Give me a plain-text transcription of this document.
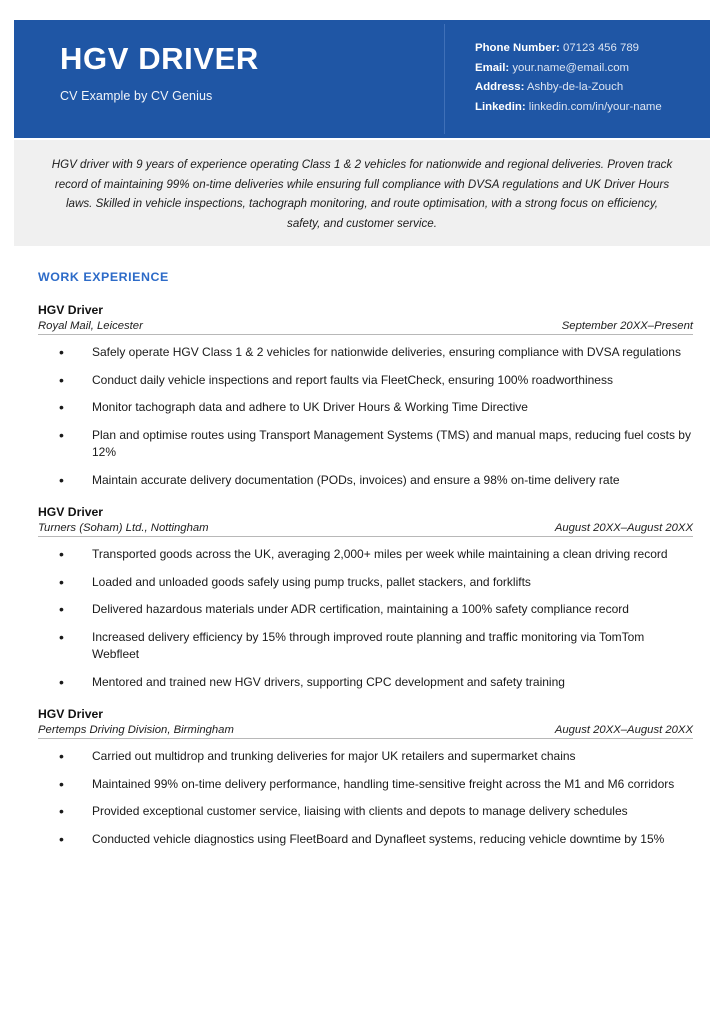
HGV DRIVER
CV Example by CV Genius
Phone Number: 07123 456 789
Email: your.name@email.com
Address: Ashby-de-la-Zouch
Linkedin: linkedin.com/in/your-name

HGV driver with 9 years of experience operating Class 1 & 2 vehicles for nationwide and regional deliveries. Proven track record of maintaining 99% on-time deliveries while ensuring full compliance with DVSA regulations and UK Driver Hours laws. Skilled in vehicle inspections, tachograph monitoring, and route optimisation, with a strong focus on efficiency, safety, and customer service.

WORK EXPERIENCE
HGV Driver
Royal Mail, Leicester	September 20XX–Present
• Safely operate HGV Class 1 & 2 vehicles for nationwide deliveries, ensuring compliance with DVSA regulations
• Conduct daily vehicle inspections and report faults via FleetCheck, ensuring 100% roadworthiness
• Monitor tachograph data and adhere to UK Driver Hours & Working Time Directive
• Plan and optimise routes using Transport Management Systems (TMS) and manual maps, reducing fuel costs by 12%
• Maintain accurate delivery documentation (PODs, invoices) and ensure a 98% on-time delivery rate
HGV Driver
Turners (Soham) Ltd., Nottingham	August 20XX–August 20XX
• Transported goods across the UK, averaging 2,000+ miles per week while maintaining a clean driving record
• Loaded and unloaded goods safely using pump trucks, pallet stackers, and forklifts
• Delivered hazardous materials under ADR certification, maintaining a 100% safety compliance record
• Increased delivery efficiency by 15% through improved route planning and traffic monitoring via TomTom Webfleet
• Mentored and trained new HGV drivers, supporting CPC development and safety training
HGV Driver
Pertemps Driving Division, Birmingham	August 20XX–August 20XX
• Carried out multidrop and trunking deliveries for major UK retailers and supermarket chains
• Maintained 99% on-time delivery performance, handling time-sensitive freight across the M1 and M6 corridors
• Provided exceptional customer service, liaising with clients and depots to manage delivery schedules
• Conducted vehicle diagnostics using FleetBoard and Dynafleet systems, reducing vehicle downtime by 15%
